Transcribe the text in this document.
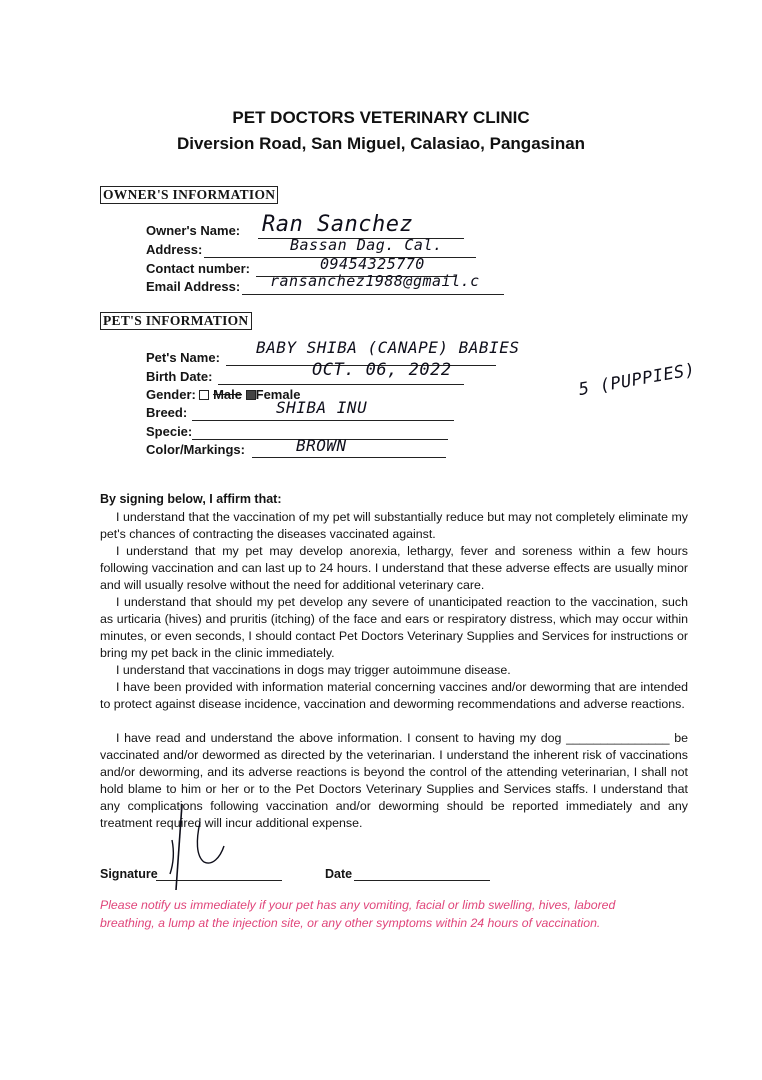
PET DOCTORS VETERINARY CLINIC
Diversion Road, San Miguel, Calasiao, Pangasinan
OWNER'S INFORMATION
Owner's Name: Ran Sanchez
Address:	Bassan Dag. Cal.
Contact number:	09454325770
Email Address: ransanchez1988@gmail.c
PET'S INFORMATION
Pet's Name:
BABY SHIBA (CANAPE) BABIES
5 (PUPPIES)
Birth Date:	OCT. 06, 2022
Gender: Male Female
Breed:	SHIBA INU
Specie:
Color/Markings:	BROWN
By signing below, I affirm that:
I understand that the vaccination of my pet will substantially reduce but may not completely eliminate my pet's chances of contracting the diseases vaccinated against.
I understand that my pet may develop anorexia, lethargy, fever and soreness within a few hours following vaccination and can last up to 24 hours. I understand that these adverse effects are usually minor and will usually resolve without the need for additional veterinary care.
I understand that should my pet develop any severe of unanticipated reaction to the vaccination, such as urticaria (hives) and pruritis (itching) of the face and ears or respiratory distress, which may occur within minutes, or even seconds, I should contact Pet Doctors Veterinary Supplies and Services for instructions or bring my pet back in the clinic immediately.
I understand that vaccinations in dogs may trigger autoimmune disease.
I have been provided with information material concerning vaccines and/or deworming that are intended to protect against disease incidence, vaccination and deworming recommendations and adverse reactions.
I have read and understand the above information. I consent to having my dog _______________ be vaccinated and/or dewormed as directed by the veterinarian. I understand the inherent risk of vaccinations and/or deworming, and its adverse reactions is beyond the control of the attending veterinarian, I shall not hold blame to him or her or to the Pet Doctors Veterinary Supplies and Services staffs. I understand that any complications following vaccination and/or deworming should be reported immediately and any treatment required will incur additional expense.
Signature	Date
Please notify us immediately if your pet has any vomiting, facial or limb swelling, hives, labored breathing, a lump at the injection site, or any other symptoms within 24 hours of vaccination.
